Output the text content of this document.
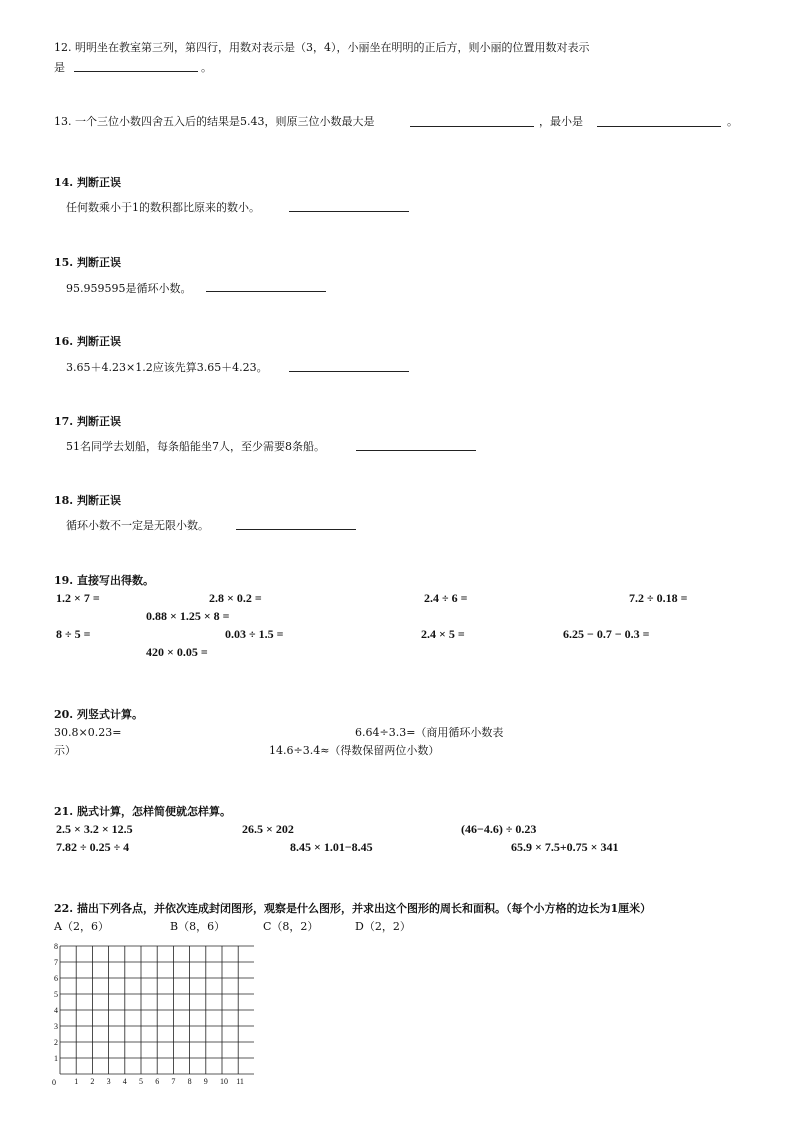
12. 明明坐在教室第三列，第四行，用数对表示是（3，4），小丽坐在明明的正后方，则小丽的位置用数对表示
是	。
13. 一个三位小数四舍五入后的结果是5.43，则原三位小数最大是	，最小是	。
14. 判断正误
任何数乘小于1的数积都比原来的数小。
15. 判断正误
95.959595是循环小数。
16. 判断正误
3.65＋4.23×1.2应该先算3.65＋4.23。
17. 判断正误
51名同学去划船，每条船能坐7人，至少需要8条船。
18. 判断正误
循环小数不一定是无限小数。
19. 直接写出得数。
1.2 × 7 =	2.8 × 0.2 =	2.4 ÷ 6 =	7.2 ÷ 0.18 =
0.88 × 1.25 × 8 =
8 ÷ 5 =	0.03 ÷ 1.5 =	2.4 × 5 =	6.25 − 0.7 − 0.3 =
420 × 0.05 =
20. 列竖式计算。
30.8×0.23=	6.64÷3.3=（商用循环小数表
示）	14.6÷3.4≈（得数保留两位小数）
21. 脱式计算，怎样简便就怎样算。
2.5 × 3.2 × 12.5	26.5 × 202	(46−4.6) ÷ 0.23
7.82 ÷ 0.25 ÷ 4	8.45 × 1.01−8.45	65.9 × 7.5+0.75 × 341
22. 描出下列各点，并依次连成封闭图形，观察是什么图形，并求出这个图形的周长和面积。（每个小方格的边长为1厘米）
A（2，6）	B（8，6）	C（8，2）	D（2，2）
1 2 3 4 5 6 7 8 9 10 11
1
2
3
4
5
6
7
8
0
